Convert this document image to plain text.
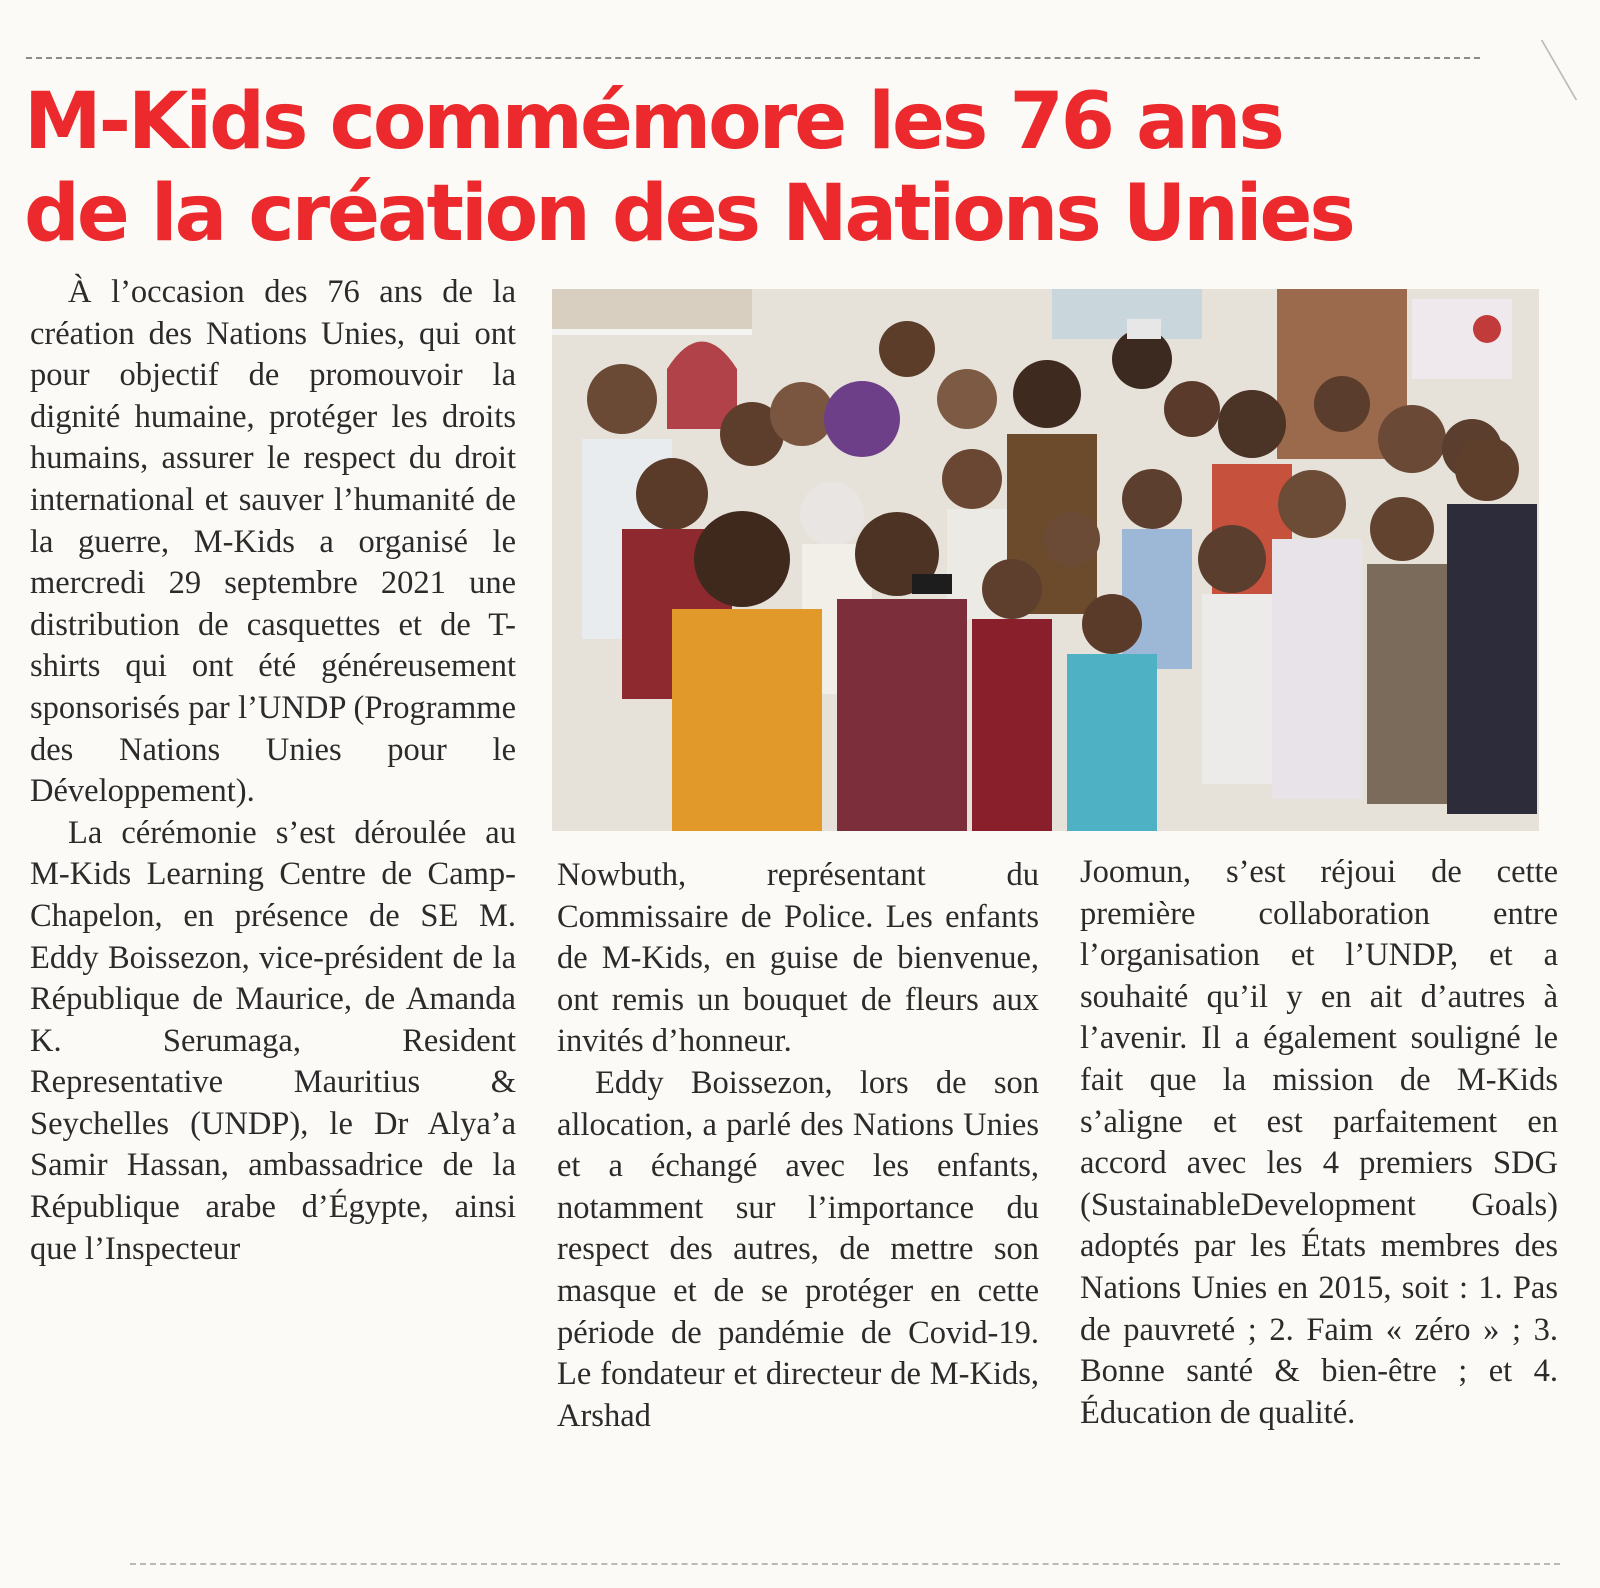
M-Kids commémore les 76 ans
de la création des Nations Unies

À l’occasion des 76 ans de la création des Nations Unies, qui ont pour objectif de promouvoir la dignité humaine, protéger les droits humains, assurer le respect du droit international et sauver l’humanité de la guerre, M-Kids a organisé le mercredi 29 septembre 2021 une distribution de casquettes et de T-shirts qui ont été généreusement sponsorisés par l’UNDP (Programme des Nations Unies pour le Développement).

La cérémonie s’est déroulée au M-Kids Learning Centre de Camp-Chapelon, en présence de SE M. Eddy Boissezon, vice-président de la République de Maurice, de Amanda K. Serumaga, Resident Representative Mauritius & Seychelles (UNDP), le Dr Alya’a Samir Hassan, ambassadrice de la République arabe d’Égypte, ainsi que l’Inspecteur

Nowbuth, représentant du Commissaire de Police. Les enfants de M-Kids, en guise de bienvenue, ont remis un bouquet de fleurs aux invités d’honneur.

Eddy Boissezon, lors de son allocation, a parlé des Nations Unies et a échangé avec les enfants, notamment sur l’importance du respect des autres, de mettre son masque et de se protéger en cette période de pandémie de Covid-19. Le fondateur et directeur de M-Kids, Arshad

Joomun, s’est réjoui de cette première collaboration entre l’organisation et l’UNDP, et a souhaité qu’il y en ait d’autres à l’avenir. Il a également souligné le fait que la mission de M-Kids s’aligne et est parfaitement en accord avec les 4 premiers SDG (SustainableDevelopment Goals) adoptés par les États membres des Nations Unies en 2015, soit : 1. Pas de pauvreté ; 2. Faim « zéro » ; 3. Bonne santé & bien-être ; et 4. Éducation de qualité.
